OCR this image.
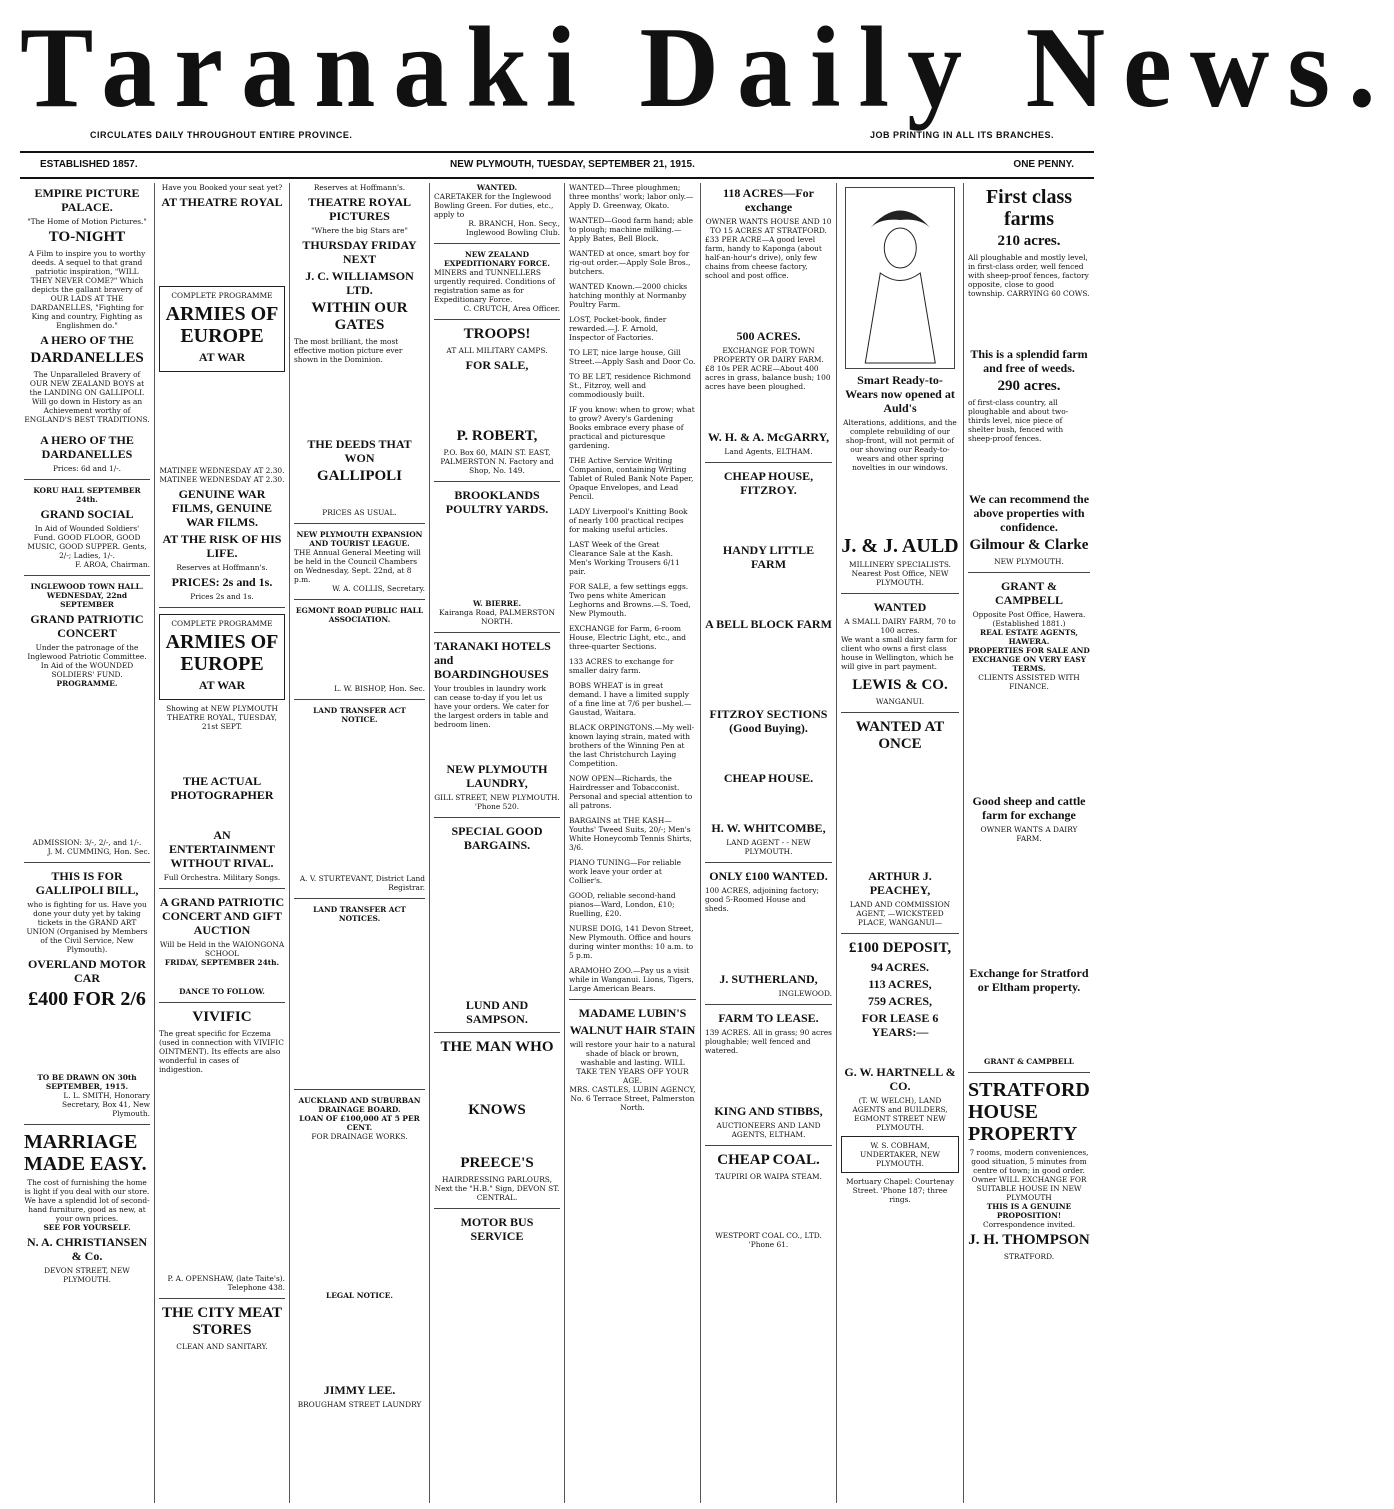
Taranaki Daily News.
CIRCULATES DAILY THROUGHOUT ENTIRE PROVINCE.	JOB PRINTING IN ALL ITS BRANCHES.
ESTABLISHED 1857.	NEW PLYMOUTH, TUESDAY, SEPTEMBER 21, 1915.	ONE PENNY.
EMPIRE PICTURE PALACE.
"The Home of Motion Pictures."
TO-NIGHT
A Film to inspire you to worthy deeds. A sequel to that grand patriotic inspiration, "WILL THEY NEVER COME?" Which depicts the gallant bravery of OUR LADS AT THE DARDANELLES, "Fighting for King and country, Fighting as Englishmen do."
A HERO OF THE
DARDANELLES
The Unparalleled Bravery of OUR NEW ZEALAND BOYS at the LANDING ON GALLIPOLI. Will go down in History as an Achievement worthy of ENGLAND'S BEST TRADITIONS.
A HERO OF THE DARDANELLES
Prices: 6d and 1/-.
KORU HALL SEPTEMBER 24th.
GRAND SOCIAL
In Aid of Wounded Soldiers' Fund. GOOD FLOOR, GOOD MUSIC, GOOD SUPPER. Gents, 2/-; Ladies, 1/-.
F. AROA, Chairman.
INGLEWOOD TOWN HALL. WEDNESDAY, 22nd SEPTEMBER
GRAND PATRIOTIC CONCERT
Under the patronage of the Inglewood Patriotic Committee. In Aid of the WOUNDED SOLDIERS' FUND.
PROGRAMME.
ADMISSION: 3/-, 2/-, and 1/-.
J. M. CUMMING, Hon. Sec.
THIS IS FOR GALLIPOLI BILL,
who is fighting for us. Have you done your duty yet by taking tickets in the GRAND ART UNION (Organised by Members of the Civil Service, New Plymouth).
OVERLAND MOTOR CAR
£400 FOR 2/6
TO BE DRAWN ON 30th SEPTEMBER, 1915.
L. L. SMITH, Honorary Secretary, Box 41, New Plymouth.
MARRIAGE MADE EASY.
The cost of furnishing the home is light if you deal with our store. We have a splendid lot of second-hand furniture, good as new, at your own prices.
SEE FOR YOURSELF.
N. A. CHRISTIANSEN & Co.
DEVON STREET, NEW PLYMOUTH.
Have you Booked your seat yet?
AT THEATRE ROYAL
COMPLETE PROGRAMME
ARMIES OF EUROPE
AT WAR
MATINEE WEDNESDAY AT 2.30. MATINEE WEDNESDAY AT 2.30.
GENUINE WAR FILMS, GENUINE WAR FILMS.
AT THE RISK OF HIS LIFE.
Reserves at Hoffmann's.
PRICES: 2s and 1s.
Prices 2s and 1s.
COMPLETE PROGRAMME
ARMIES OF EUROPE
AT WAR
Showing at NEW PLYMOUTH THEATRE ROYAL, TUESDAY, 21st SEPT.
THE ACTUAL PHOTOGRAPHER
AN ENTERTAINMENT WITHOUT RIVAL.
Full Orchestra. Military Songs.
A GRAND PATRIOTIC CONCERT AND GIFT AUCTION
Will be Held in the WAIONGONA SCHOOL
FRIDAY, SEPTEMBER 24th.
DANCE TO FOLLOW.
VIVIFIC
The great specific for Eczema (used in connection with VIVIFIC OINTMENT). Its effects are also wonderful in cases of indigestion.
P. A. OPENSHAW, (late Taite's). Telephone 438.
THE CITY MEAT STORES
CLEAN AND SANITARY.
Reserves at Hoffmann's.
THEATRE ROYAL PICTURES
"Where the big Stars are"
THURSDAY FRIDAY NEXT
J. C. WILLIAMSON LTD.
WITHIN OUR GATES
The most brilliant, the most effective motion picture ever shown in the Dominion.
THE DEEDS THAT WON
GALLIPOLI
PRICES AS USUAL.
NEW PLYMOUTH EXPANSION AND TOURIST LEAGUE.
THE Annual General Meeting will be held in the Council Chambers on Wednesday, Sept. 22nd, at 8 p.m.
W. A. COLLIS, Secretary.
EGMONT ROAD PUBLIC HALL ASSOCIATION.
L. W. BISHOP, Hon. Sec.
LAND TRANSFER ACT NOTICE.
A. V. STURTEVANT, District Land Registrar.
LAND TRANSFER ACT NOTICES.
AUCKLAND AND SUBURBAN DRAINAGE BOARD.
LOAN OF £100,000 AT 5 PER CENT.
FOR DRAINAGE WORKS.
LEGAL NOTICE.
JIMMY LEE.
BROUGHAM STREET LAUNDRY
WANTED.
CARETAKER for the Inglewood Bowling Green. For duties, etc., apply to
R. BRANCH, Hon. Secy., Inglewood Bowling Club.
NEW ZEALAND EXPEDITIONARY FORCE.
MINERS and TUNNELLERS urgently required. Conditions of registration same as for Expeditionary Force.
C. CRUTCH, Area Officer.
TROOPS!
AT ALL MILITARY CAMPS.
FOR SALE,
P. ROBERT,
P.O. Box 60, MAIN ST. EAST, PALMERSTON N. Factory and Shop, No. 149.
BROOKLANDS POULTRY YARDS.
W. BIERRE.
Kairanga Road, PALMERSTON NORTH.
TARANAKI HOTELS and BOARDINGHOUSES
Your troubles in laundry work can cease to-day if you let us have your orders. We cater for the largest orders in table and bedroom linen.
NEW PLYMOUTH LAUNDRY,
GILL STREET, NEW PLYMOUTH. 'Phone 520.
SPECIAL GOOD BARGAINS.
LUND AND SAMPSON.
THE MAN WHO
KNOWS
PREECE'S
HAIRDRESSING PARLOURS, Next the "H.B." Sign, DEVON ST. CENTRAL.
MOTOR BUS SERVICE
WANTED—Three ploughmen; three months' work; labor only.—Apply D. Greenway, Okato.
WANTED—Good farm hand; able to plough; machine milking.—Apply Bates, Bell Block.
WANTED at once, smart boy for rig-out order.—Apply Sole Bros., butchers.
WANTED Known.—2000 chicks hatching monthly at Normanby Poultry Farm.
LOST, Pocket-book, finder rewarded.—J. F. Arnold, Inspector of Factories.
TO LET, nice large house, Gill Street.—Apply Sash and Door Co.
TO BE LET, residence Richmond St., Fitzroy, well and commodiously built.
IF you know: when to grow; what to grow? Avery's Gardening Books embrace every phase of practical and picturesque gardening.
THE Active Service Writing Companion, containing Writing Tablet of Ruled Bank Note Paper, Opaque Envelopes, and Lead Pencil.
LADY Liverpool's Knitting Book of nearly 100 practical recipes for making useful articles.
LAST Week of the Great Clearance Sale at the Kash. Men's Working Trousers 6/11 pair.
FOR SALE, a few settings eggs. Two pens white American Leghorns and Browns.—S. Toed, New Plymouth.
EXCHANGE for Farm, 6-room House, Electric Light, etc., and three-quarter Sections.
133 ACRES to exchange for smaller dairy farm.
BOBS WHEAT is in great demand. I have a limited supply of a fine line at 7/6 per bushel.—Gaustad, Waitara.
BLACK ORPINGTONS.—My well-known laying strain, mated with brothers of the Winning Pen at the last Christchurch Laying Competition.
NOW OPEN—Richards, the Hairdresser and Tobacconist. Personal and special attention to all patrons.
BARGAINS at THE KASH—Youths' Tweed Suits, 20/-; Men's White Honeycomb Tennis Shirts, 3/6.
PIANO TUNING—For reliable work leave your order at Collier's.
GOOD, reliable second-hand pianos—Ward, London, £10; Ruelling, £20.
NURSE DOIG, 141 Devon Street, New Plymouth. Office and hours during winter months: 10 a.m. to 5 p.m.
ARAMOHO ZOO.—Pay us a visit while in Wanganui. Lions, Tigers, Large American Bears.
MADAME LUBIN'S
WALNUT HAIR STAIN
will restore your hair to a natural shade of black or brown, washable and lasting. WILL TAKE TEN YEARS OFF YOUR AGE.
MRS. CASTLES, LUBIN AGENCY, No. 6 Terrace Street, Palmerston North.
118 ACRES—For exchange
OWNER WANTS HOUSE AND 10 TO 15 ACRES AT STRATFORD.
£33 PER ACRE—A good level farm, handy to Kaponga (about half-an-hour's drive), only few chains from cheese factory, school and post office.
500 ACRES.
EXCHANGE FOR TOWN PROPERTY OR DAIRY FARM.
£8 10s PER ACRE—About 400 acres in grass, balance bush; 100 acres have been ploughed.
W. H. & A. McGARRY,
Land Agents, ELTHAM.
CHEAP HOUSE, FITZROY.
HANDY LITTLE FARM
A BELL BLOCK FARM
FITZROY SECTIONS (Good Buying).
CHEAP HOUSE.
H. W. WHITCOMBE,
LAND AGENT - - NEW PLYMOUTH.
ONLY £100 WANTED.
100 ACRES, adjoining factory; good 5-Roomed House and sheds.
J. SUTHERLAND,
INGLEWOOD.
FARM TO LEASE.
139 ACRES. All in grass; 90 acres ploughable; well fenced and watered.
KING AND STIBBS,
AUCTIONEERS AND LAND AGENTS, ELTHAM.
CHEAP COAL.
TAUPIRI OR WAIPA STEAM.
WESTPORT COAL CO., LTD. 'Phone 61.
Smart Ready-to-Wears now opened at Auld's
Alterations, additions, and the complete rebuilding of our shop-front, will not permit of our showing our Ready-to-wears and other spring novelties in our windows.
J. & J. AULD
MILLINERY SPECIALISTS. Nearest Post Office, NEW PLYMOUTH.
WANTED
A SMALL DAIRY FARM, 70 to 100 acres.
We want a small dairy farm for client who owns a first class house in Wellington, which he will give in part payment.
LEWIS & CO.
WANGANUI.
WANTED AT ONCE
ARTHUR J. PEACHEY,
LAND AND COMMISSION AGENT, —WICKSTEED PLACE, WANGANUI—
£100 DEPOSIT,
94 ACRES.
113 ACRES,
759 ACRES,
FOR LEASE 6 YEARS:—
G. W. HARTNELL & CO.
(T. W. WELCH), LAND AGENTS and BUILDERS, EGMONT STREET NEW PLYMOUTH.
W. S. COBHAM, UNDERTAKER, NEW PLYMOUTH.
Mortuary Chapel: Courtenay Street. 'Phone 187; three rings.
First class farms
210 acres.
All ploughable and mostly level, in first-class order, well fenced with sheep-proof fences, factory opposite, close to good township. CARRYING 60 COWS.
This is a splendid farm and free of weeds.
290 acres.
of first-class country, all ploughable and about two-thirds level, nice piece of shelter bush, fenced with sheep-proof fences.
We can recommend the above properties with confidence.
Gilmour & Clarke
NEW PLYMOUTH.
GRANT & CAMPBELL
Opposite Post Office, Hawera. (Established 1881.)
REAL ESTATE AGENTS, HAWERA.
PROPERTIES FOR SALE AND EXCHANGE ON VERY EASY TERMS.
CLIENTS ASSISTED WITH FINANCE.
Good sheep and cattle farm for exchange
OWNER WANTS A DAIRY FARM.
Exchange for Stratford or Eltham property.
GRANT & CAMPBELL
STRATFORD HOUSE PROPERTY
7 rooms, modern conveniences, good situation, 5 minutes from centre of town; in good order. Owner WILL EXCHANGE FOR SUITABLE HOUSE IN NEW PLYMOUTH
THIS IS A GENUINE PROPOSITION!
Correspondence invited.
J. H. THOMPSON
STRATFORD.
